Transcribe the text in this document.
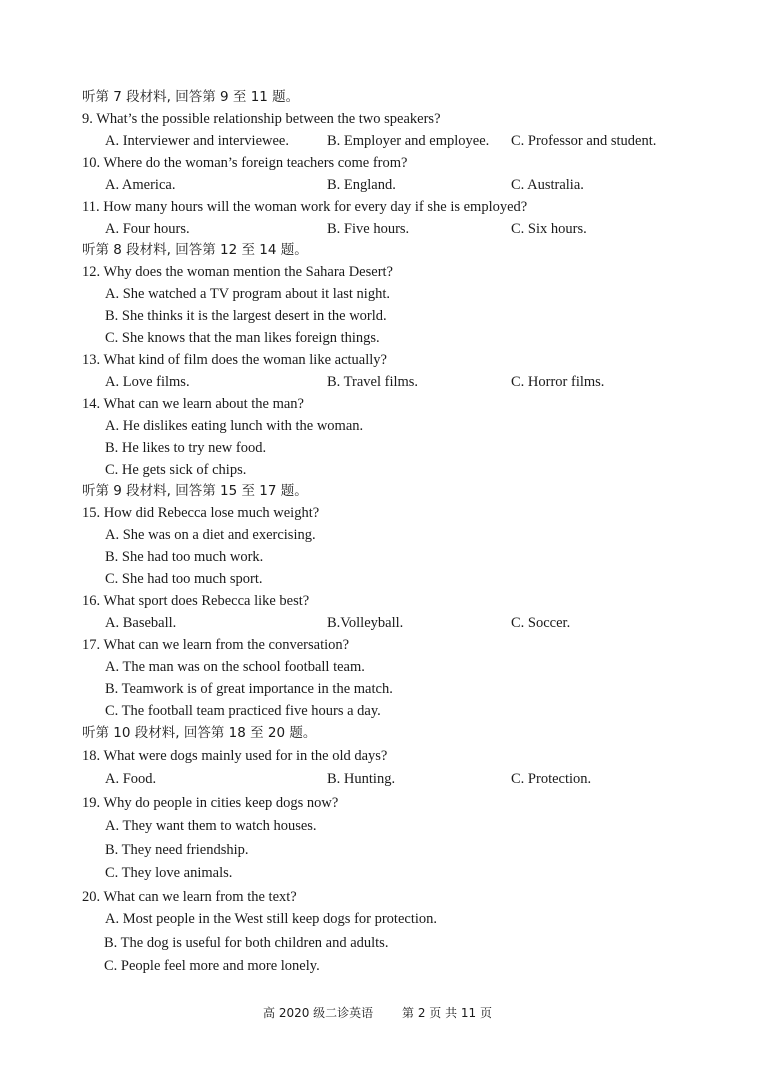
听第 7 段材料, 回答第 9 至 11 题。
9. What’s the possible relationship between the two speakers?
A. Interviewer and interviewee.	B. Employer and employee. C. Professor and student.
10. Where do the woman’s foreign teachers come from?
A. America.	B. England.	C. Australia.
11. How many hours will the woman work for every day if she is employed?
A. Four hours.	B. Five hours.	C. Six hours.
听第 8 段材料, 回答第 12 至 14 题。
12. Why does the woman mention the Sahara Desert?
A. She watched a TV program about it last night.
B. She thinks it is the largest desert in the world.
C. She knows that the man likes foreign things.
13. What kind of film does the woman like actually?
A. Love films.	B. Travel films.	C. Horror films.
14. What can we learn about the man?
A. He dislikes eating lunch with the woman.
B. He likes to try new food.
C. He gets sick of chips.
听第 9 段材料, 回答第 15 至 17 题。
15. How did Rebecca lose much weight?
A. She was on a diet and exercising.
B. She had too much work.
C. She had too much sport.
16. What sport does Rebecca like best?
A. Baseball.	B.Volleyball.	C. Soccer.
17. What can we learn from the conversation?
A. The man was on the school football team.
B. Teamwork is of great importance in the match.
C. The football team practiced five hours a day.
听第 10 段材料, 回答第 18 至 20 题。
18. What were dogs mainly used for in the old days?
A. Food.	B. Hunting.	C. Protection.
19. Why do people in cities keep dogs now?
A. They want them to watch houses.
B. They need friendship.
C. They love animals.
20. What can we learn from the text?
A. Most people in the West still keep dogs for protection.
B. The dog is useful for both children and adults.
C. People feel more and more lonely.
高 2020 级二诊英语 第 2 页 共 11 页
